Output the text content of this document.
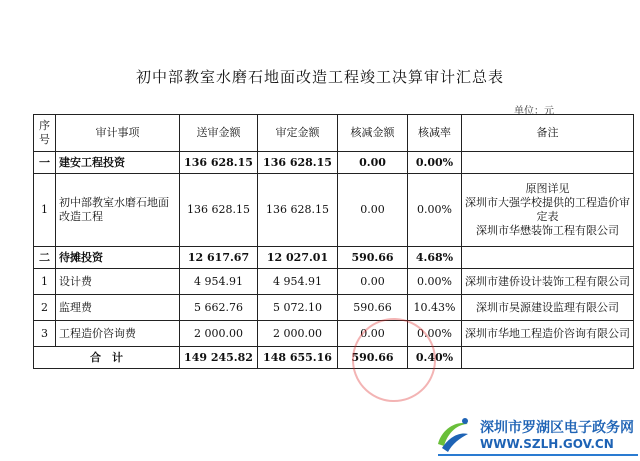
初中部教室水磨石地面改造工程竣工决算审计汇总表
单位：元
序号	审计事项	送审金额	审定金额	核减金额	核减率	备注
一	建安工程投资	136 628.15	136 628.15	0.00	0.00%	
1	初中部教室水磨石地面改造工程	136 628.15	136 628.15	0.00	0.00%	原图详见
深圳市大强学校提供的工程造价审定表
深圳市华懋装饰工程有限公司

二	待摊投资	12 617.67	12 027.01	590.66	4.68%	
1	设计费	4 954.91	4 954.91	0.00	0.00%	深圳市建侨设计装饰工程有限公司
2	监理费	5 662.76	5 072.10	590.66	10.43%	深圳市昊源建设监理有限公司
3	工程造价咨询费	2 000.00	2 000.00	0.00	0.00%	深圳市华地工程造价咨询有限公司
合　计		149 245.82	148 655.16	590.66	0.40%	
深圳市罗湖区电子政务网
WWW.SZLH.GOV.CN
